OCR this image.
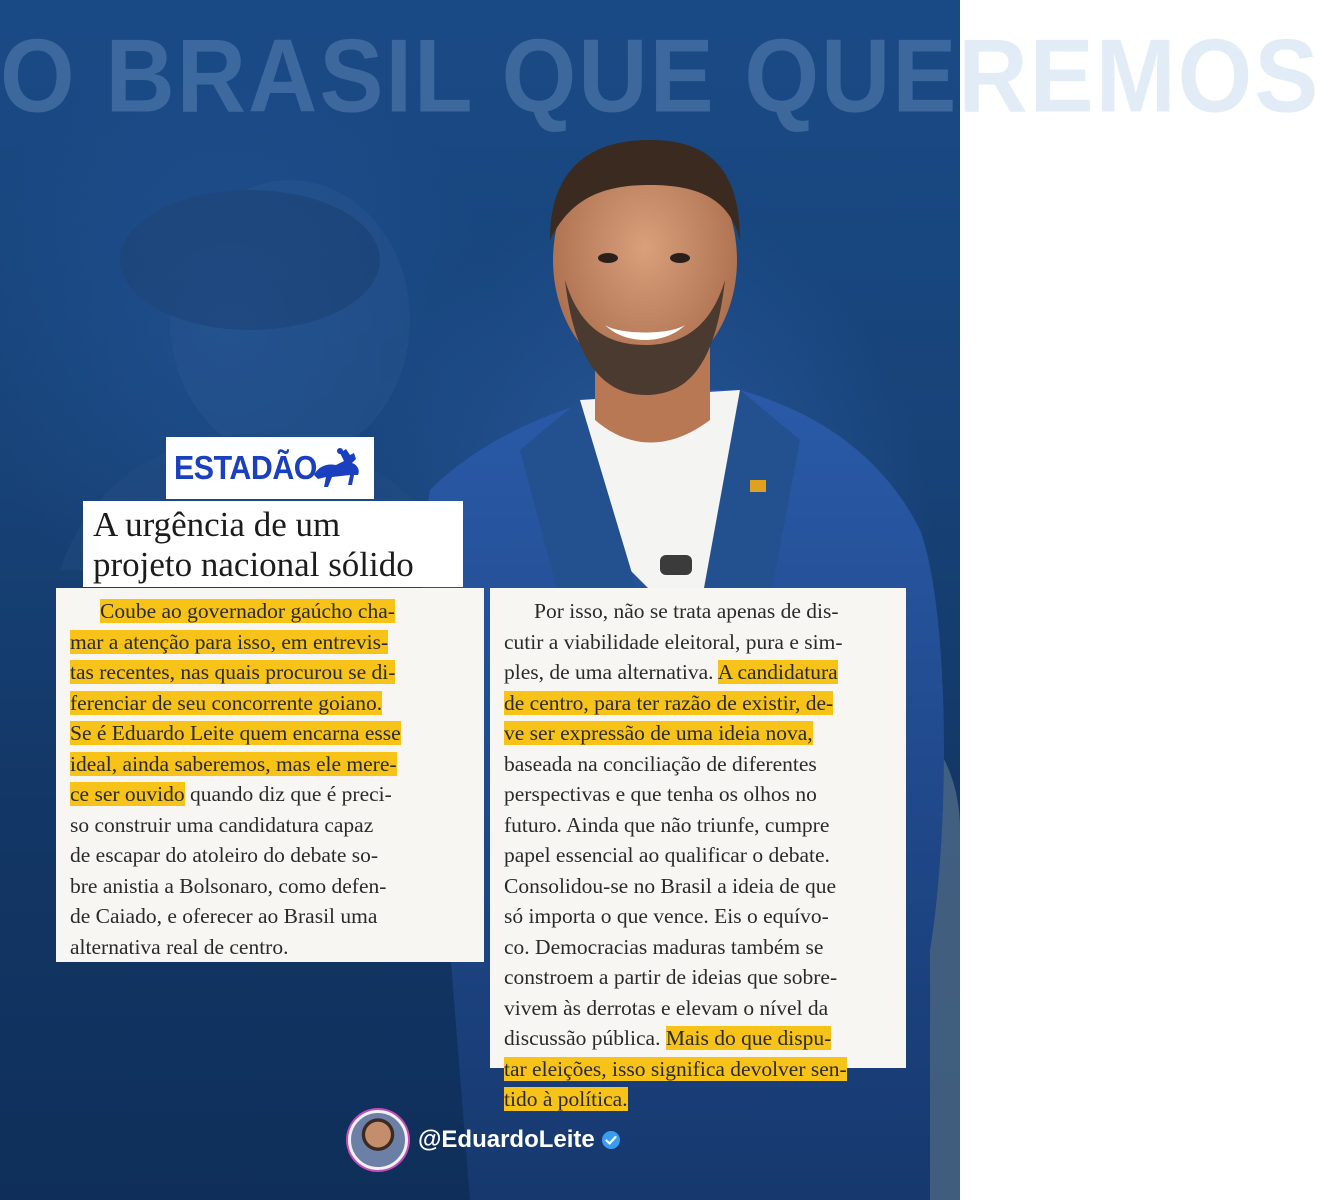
O BRASIL QUE QUEREMOS
ESTADÃO
A urgência de um
projeto nacional sólido
Coube ao governador gaúcho cha-
mar a atenção para isso, em entrevis-
tas recentes, nas quais procurou se di-
ferenciar de seu concorrente goiano.
Se é Eduardo Leite quem encarna esse
ideal, ainda saberemos, mas ele mere-
ce ser ouvido quando diz que é preci-
so construir uma candidatura capaz
de escapar do atoleiro do debate so-
bre anistia a Bolsonaro, como defen-
de Caiado, e oferecer ao Brasil uma
alternativa real de centro.
Por isso, não se trata apenas de dis-
cutir a viabilidade eleitoral, pura e sim-
ples, de uma alternativa. A candidatura
de centro, para ter razão de existir, de-
ve ser expressão de uma ideia nova,
baseada na conciliação de diferentes
perspectivas e que tenha os olhos no
futuro. Ainda que não triunfe, cumpre
papel essencial ao qualificar o debate.
Consolidou-se no Brasil a ideia de que
só importa o que vence. Eis o equívo-
co. Democracias maduras também se
constroem a partir de ideias que sobre-
vivem às derrotas e elevam o nível da
discussão pública. Mais do que dispu-
tar eleições, isso significa devolver sen-
tido à política.
@EduardoLeite
